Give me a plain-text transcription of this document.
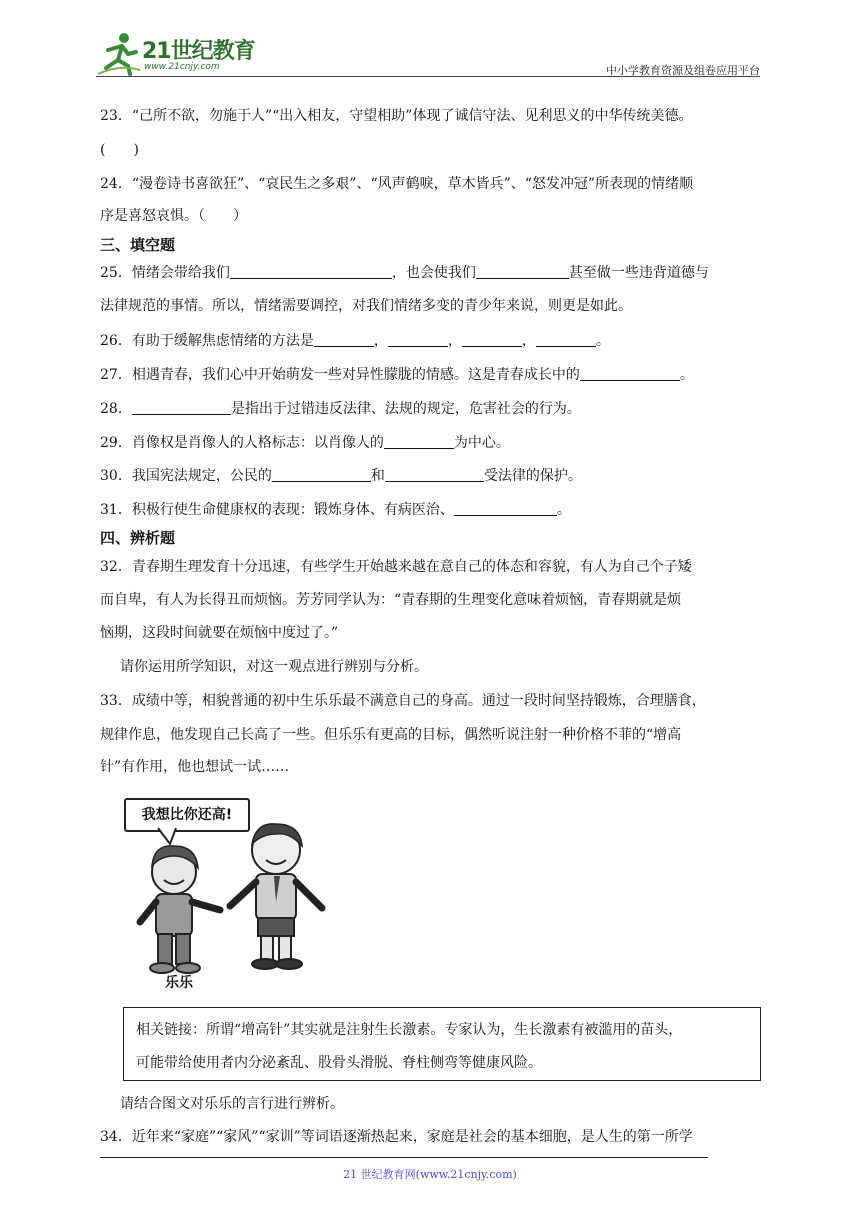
21世纪教育
www.21cnjy.com	中小学教育资源及组卷应用平台
23．“己所不欲，勿施于人”“出入相友，守望相助”体现了诚信守法、见利思义的中华传统美德。
(　　)
24．“漫卷诗书喜欲狂”、“哀民生之多艰”、“风声鹤唳，草木皆兵”、“怒发冲冠”所表现的情绪顺
序是喜怒哀惧。（　　）
三、填空题
25．情绪会带给我们	，也会使我们	甚至做一些违背道德与
法律规范的事情。所以，情绪需要调控，对我们情绪多变的青少年来说，则更是如此。
26．有助于缓解焦虑情绪的方法是	，	，	，	。
27．相遇青春，我们心中开始萌发一些对异性朦胧的情感。这是青春成长中的	。
28．	是指出于过错违反法律、法规的规定，危害社会的行为。
29．肖像权是肖像人的人格标志：以肖像人的	为中心。
30．我国宪法规定，公民的	和	受法律的保护。
31．积极行使生命健康权的表现：锻炼身体、有病医治、	。
四、辨析题
32．青春期生理发育十分迅速，有些学生开始越来越在意自己的体态和容貌，有人为自己个子矮
而自卑，有人为长得丑而烦恼。芳芳同学认为：“青春期的生理变化意味着烦恼，青春期就是烦
恼期，这段时间就要在烦恼中度过了。”
请你运用所学知识，对这一观点进行辨别与分析。
33．成绩中等，相貌普通的初中生乐乐最不满意自己的身高。通过一段时间坚持锻炼，合理膳食，
规律作息，他发现自己长高了一些。但乐乐有更高的目标，偶然听说注射一种价格不菲的“增高
针”有作用，他也想试一试……
我想比你还高!
乐乐
相关链接：所谓“增高针”其实就是注射生长激素。专家认为，生长激素有被滥用的苗头，
可能带给使用者内分泌紊乱、股骨头滑脱、脊柱侧弯等健康风险。
请结合图文对乐乐的言行进行辨析。
34．近年来“家庭”“家风”“家训”等词语逐渐热起来，家庭是社会的基本细胞，是人生的第一所学
21 世纪教育网(www.21cnjy.com)
